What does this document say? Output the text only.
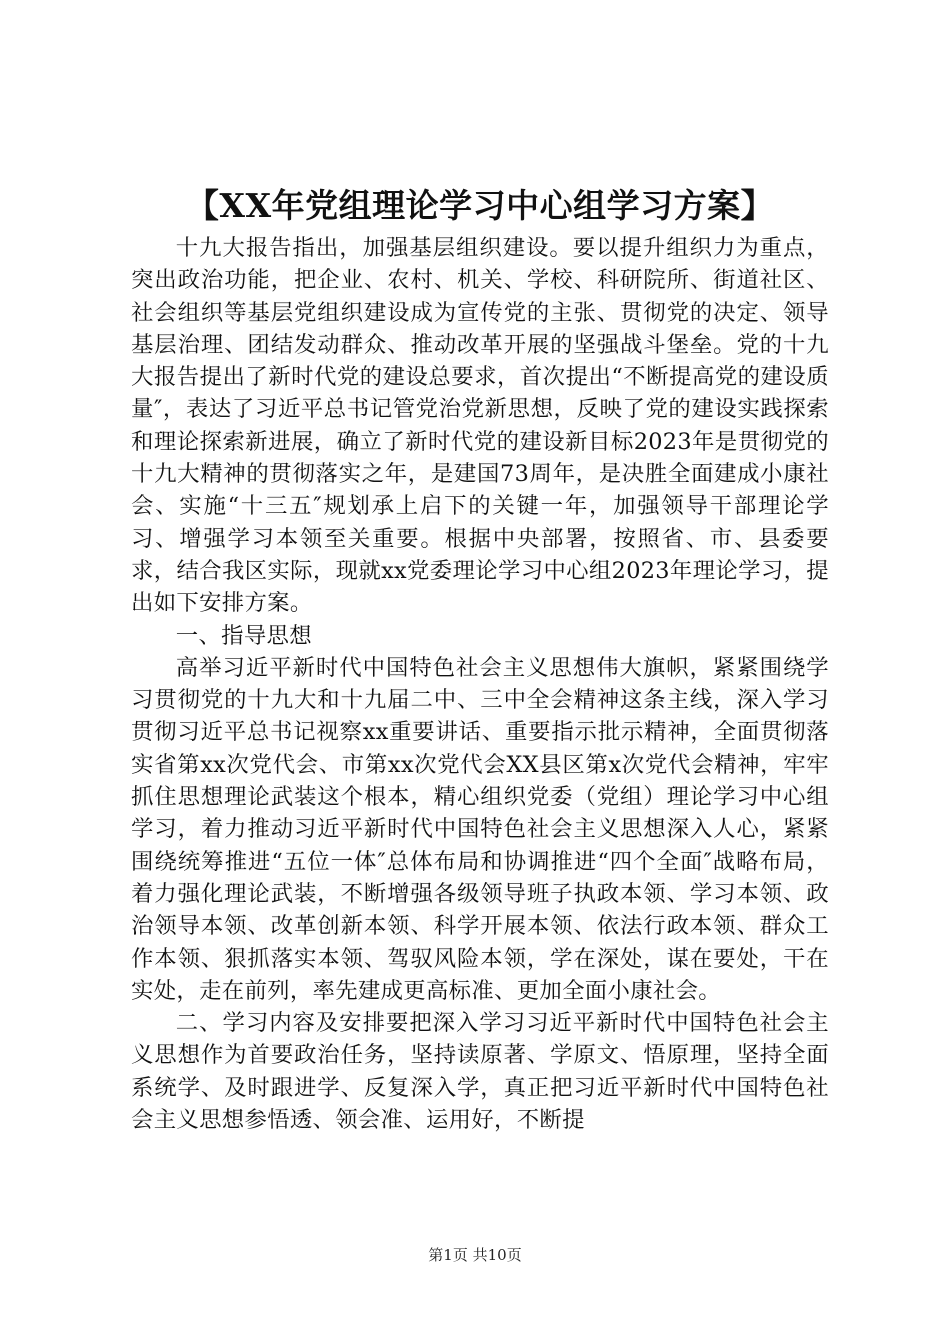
【XX年党组理论学习中心组学习方案】

十九大报告指出，加强基层组织建设。要以提升组织力为重点，突出政治功能，把企业、农村、机关、学校、科研院所、街道社区、社会组织等基层党组织建设成为宣传党的主张、贯彻党的决定、领导基层治理、团结发动群众、推动改革开展的坚强战斗堡垒。党的十九大报告提出了新时代党的建设总要求，首次提出“不断提高党的建设质量″，表达了习近平总书记管党治党新思想，反映了党的建设实践探索和理论探索新进展，确立了新时代党的建设新目标2023年是贯彻党的十九大精神的贯彻落实之年，是建国73周年，是决胜全面建成小康社会、实施“十三五″规划承上启下的关键一年，加强领导干部理论学习、增强学习本领至关重要。根据中央部署，按照省、市、县委要求，结合我区实际，现就xx党委理论学习中心组2023年理论学习，提出如下安排方案。

一、指导思想

高举习近平新时代中国特色社会主义思想伟大旗帜，紧紧围绕学习贯彻党的十九大和十九届二中、三中全会精神这条主线，深入学习贯彻习近平总书记视察xx重要讲话、重要指示批示精神，全面贯彻落实省第xx次党代会、市第xx次党代会XX县区第x次党代会精神，牢牢抓住思想理论武装这个根本，精心组织党委（党组）理论学习中心组学习，着力推动习近平新时代中国特色社会主义思想深入人心，紧紧围绕统筹推进“五位一体″总体布局和协调推进“四个全面″战略布局，着力强化理论武装，不断增强各级领导班子执政本领、学习本领、政治领导本领、改革创新本领、科学开展本领、依法行政本领、群众工作本领、狠抓落实本领、驾驭风险本领，学在深处，谋在要处，干在实处，走在前列，率先建成更高标准、更加全面小康社会。

二、学习内容及安排要把深入学习习近平新时代中国特色社会主义思想作为首要政治任务，坚持读原著、学原文、悟原理，坚持全面系统学、及时跟进学、反复深入学，真正把习近平新时代中国特色社会主义思想参悟透、领会准、运用好，不断提

第1页 共10页
